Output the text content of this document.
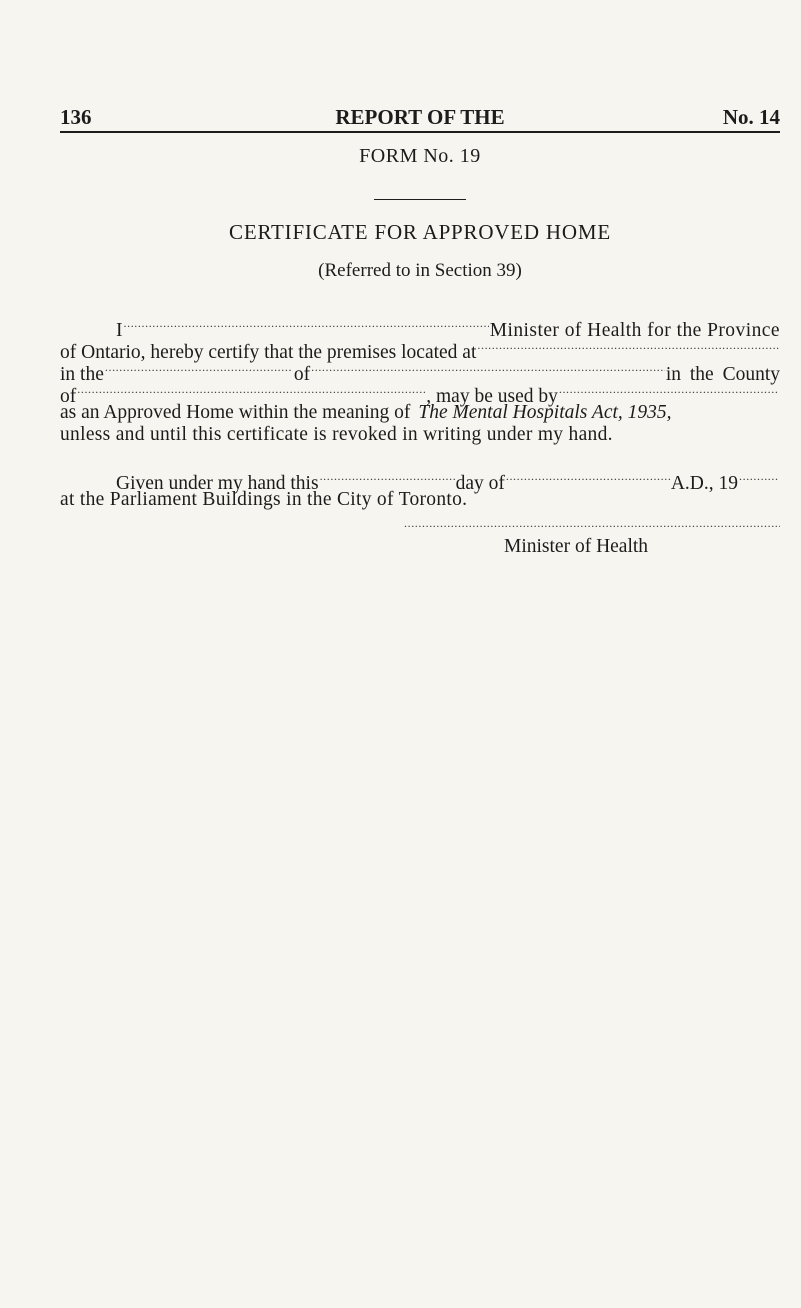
136	REPORT OF THE	No. 14
FORM No. 19
CERTIFICATE FOR APPROVED HOME
(Referred to in Section 39)
I .....	Minister of Health for the Province
of Ontario, hereby certify that the premises located at
.....
in the .....	of .....	in the County
of .....	, may be used by
.....
as an Approved Home within the meaning of The Mental Hospitals Act, 1935,
unless and until this certificate is revoked in writing under my hand.
Given under my hand this .....	day of .....	A.D., 19
.....
at the Parliament Buildings in the City of Toronto.
.....
Minister of Health
